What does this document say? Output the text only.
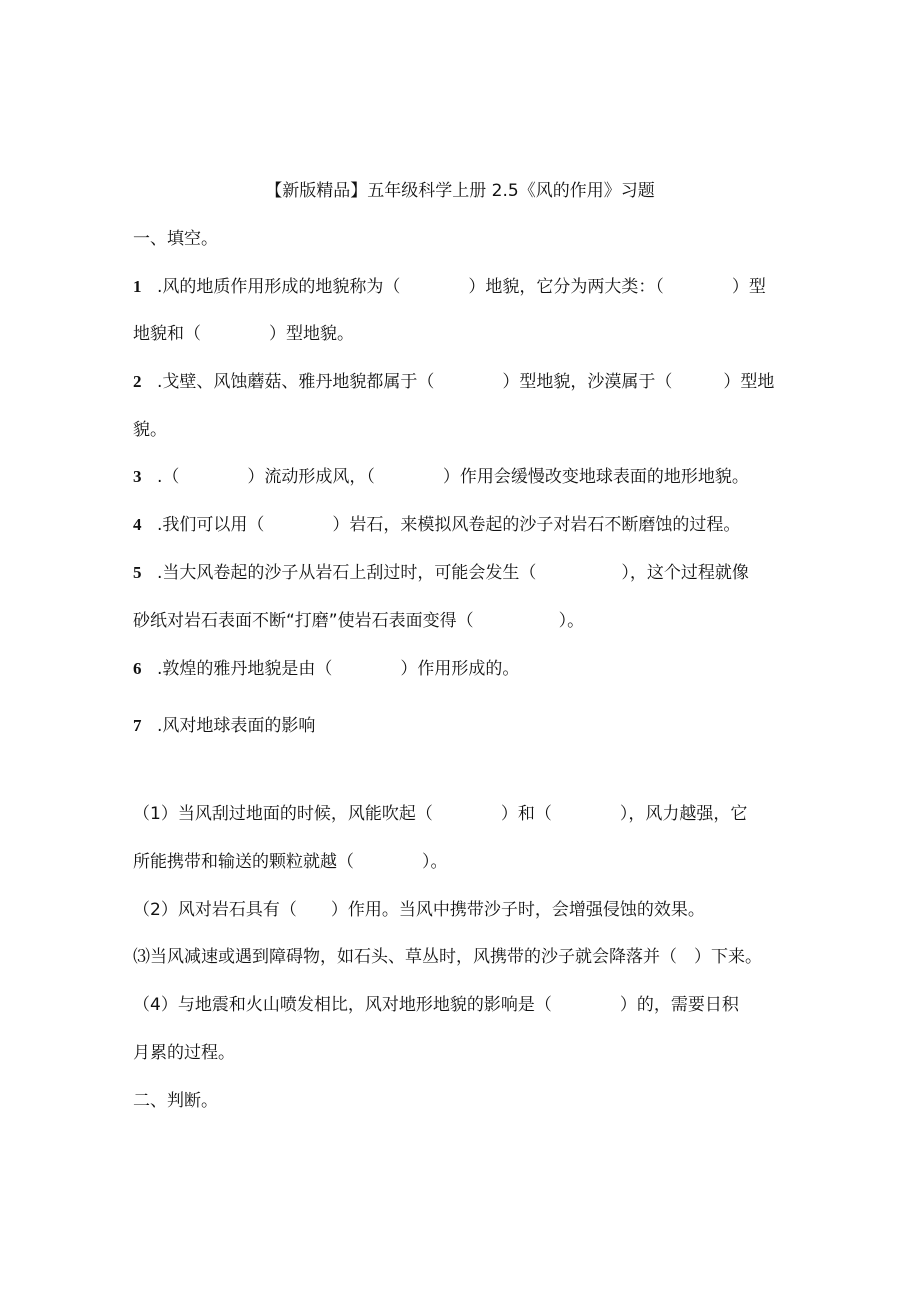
【新版精品】五年级科学上册 2.5《风的作用》习题
一、填空。
1 .风的地质作用形成的地貌称为（　　　　）地貌，它分为两大类：（　　　　）型
地貌和（　　　　）型地貌。
2 .戈壁、风蚀蘑菇、雅丹地貌都属于（　　　　）型地貌，沙漠属于（　　　）型地
貌。
3 .（　　　　）流动形成风，（　　　　）作用会缓慢改变地球表面的地形地貌。
4 .我们可以用（　　　　）岩石，来模拟风卷起的沙子对岩石不断磨蚀的过程。
5 .当大风卷起的沙子从岩石上刮过时，可能会发生（　　　　　），这个过程就像
砂纸对岩石表面不断“打磨”使岩石表面变得（　　　　　）。
6 .敦煌的雅丹地貌是由（　　　　）作用形成的。
7 .风对地球表面的影响
（1）当风刮过地面的时候，风能吹起（　　　　）和（　　　　），风力越强，它
所能携带和输送的颗粒就越（　　　　）。
（2）风对岩石具有（　　）作用。当风中携带沙子时，会增强侵蚀的效果。
⑶当风减速或遇到障碍物，如石头、草丛时，风携带的沙子就会降落并（　）下来。
（4）与地震和火山喷发相比，风对地形地貌的影响是（　　　　）的，需要日积
月累的过程。
二、判断。
